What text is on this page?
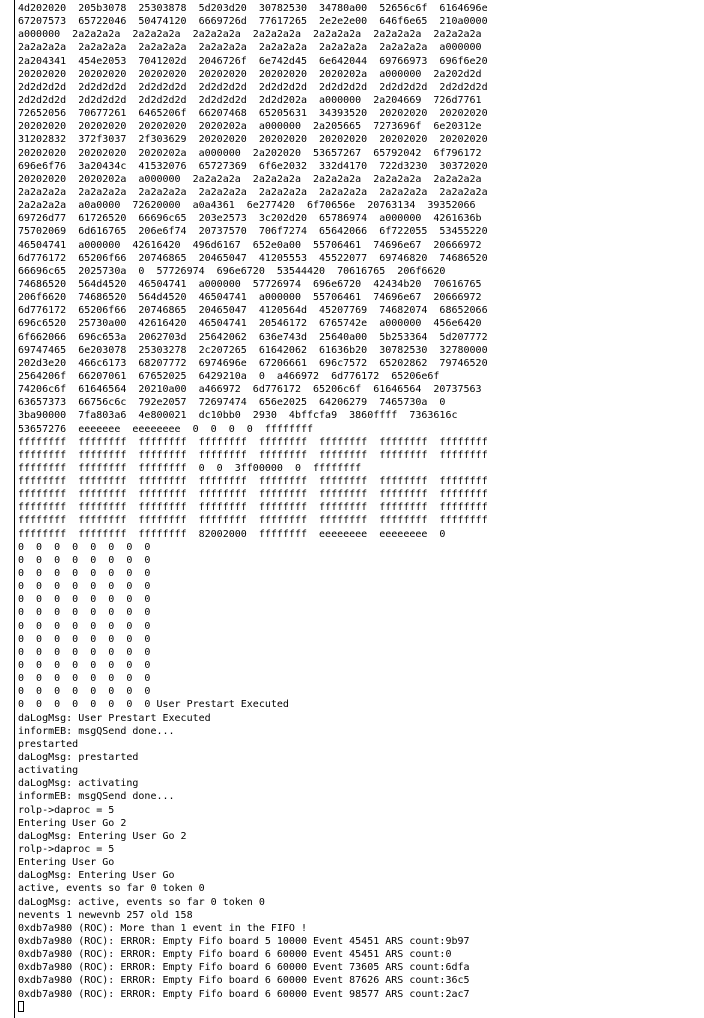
4d202020  205b3078  25303878  5d203d20  30782530  34780a00  52656c6f  6164696e
67207573  65722046  50474120  6669726d  77617265  2e2e2e00  646f6e65  210a0000
a000000  2a2a2a2a  2a2a2a2a  2a2a2a2a  2a2a2a2a  2a2a2a2a  2a2a2a2a  2a2a2a2a
2a2a2a2a  2a2a2a2a  2a2a2a2a  2a2a2a2a  2a2a2a2a  2a2a2a2a  2a2a2a2a  a000000
2a204341  454e2053  7041202d  2046726f  6e742d45  6e642044  69766973  696f6e20
20202020  20202020  20202020  20202020  20202020  2020202a  a000000  2a202d2d
2d2d2d2d  2d2d2d2d  2d2d2d2d  2d2d2d2d  2d2d2d2d  2d2d2d2d  2d2d2d2d  2d2d2d2d
2d2d2d2d  2d2d2d2d  2d2d2d2d  2d2d2d2d  2d2d202a  a000000  2a204669  726d7761
72652056  70677261  6465206f  66207468  65205631  34393520  20202020  20202020
20202020  20202020  20202020  2020202a  a000000  2a205665  7273696f  6e20312e
31202832  372f3037  2f303629  20202020  20202020  20202020  20202020  20202020
20202020  20202020  2020202a  a000000  2a202020  53657267  65792042  6f796172
696e6f76  3a20434c  41532076  65727369  6f6e2032  332d4170  722d3230  30372020
20202020  2020202a  a000000  2a2a2a2a  2a2a2a2a  2a2a2a2a  2a2a2a2a  2a2a2a2a
2a2a2a2a  2a2a2a2a  2a2a2a2a  2a2a2a2a  2a2a2a2a  2a2a2a2a  2a2a2a2a  2a2a2a2a
2a2a2a2a  a0a0000  72620000  a0a4361  6e277420  6f70656e  20763134  39352066
69726d77  61726520  66696c65  203e2573  3c202d20  65786974  a000000  4261636b
75702069  6d616765  206e6f74  20737570  706f7274  65642066  6f722055  53455220
46504741  a000000  42616420  496d6167  652e0a00  55706461  74696e67  20666972
6d776172  65206f66  20746865  20465047  41205553  45522077  69746820  74686520
66696c65  2025730a  0  57726974  696e6720  53544420  70616765  206f6620
74686520  564d4520  46504741  a000000  57726974  696e6720  42434b20  70616765
206f6620  74686520  564d4520  46504741  a000000  55706461  74696e67  20666972
6d776172  65206f66  20746865  20465047  4120564d  45207769  74682074  68652066
696c6520  25730a00  42616420  46504741  20546172  6765742e  a000000  456e6420
6f662066  696c653a  2062703d  25642062  636e743d  25640a00  5b253364  5d207772
69747465  6e203078  25303278  2c207265  61642062  61636b20  30782530  32780000
202d3e20  466c6173  68207772  6974696e  67206661  696c7572  65202862  79746520
2564206f  66207061  67652025  6429210a  0  a466972  6d776172  65206e6f
74206c6f  61646564  20210a00  a466972  6d776172  65206c6f  61646564  20737563
63657373  66756c6c  792e2057  72697474  656e2025  64206279  7465730a  0
3ba90000  7fa803a6  4e800021  dc10bb0  2930  4bffcfa9  3860ffff  7363616c
53657276  eeeeeee  eeeeeeee  0  0  0  0  ffffffff
ffffffff  ffffffff  ffffffff  ffffffff  ffffffff  ffffffff  ffffffff  ffffffff
ffffffff  ffffffff  ffffffff  ffffffff  ffffffff  ffffffff  ffffffff  ffffffff
ffffffff  ffffffff  ffffffff  0  0  3ff00000  0  ffffffff
ffffffff  ffffffff  ffffffff  ffffffff  ffffffff  ffffffff  ffffffff  ffffffff
ffffffff  ffffffff  ffffffff  ffffffff  ffffffff  ffffffff  ffffffff  ffffffff
ffffffff  ffffffff  ffffffff  ffffffff  ffffffff  ffffffff  ffffffff  ffffffff
ffffffff  ffffffff  ffffffff  ffffffff  ffffffff  ffffffff  ffffffff  ffffffff
ffffffff  ffffffff  ffffffff  82002000  ffffffff  eeeeeeee  eeeeeeee  0
0  0  0  0  0  0  0  0
0  0  0  0  0  0  0  0
0  0  0  0  0  0  0  0
0  0  0  0  0  0  0  0
0  0  0  0  0  0  0  0
0  0  0  0  0  0  0  0
0  0  0  0  0  0  0  0
0  0  0  0  0  0  0  0
0  0  0  0  0  0  0  0
0  0  0  0  0  0  0  0
0  0  0  0  0  0  0  0
0  0  0  0  0  0  0  0
0  0  0  0  0  0  0  0 User Prestart Executed
daLogMsg: User Prestart Executed
informEB: msgQSend done...
prestarted
daLogMsg: prestarted
activating
daLogMsg: activating
informEB: msgQSend done...
rolp->daproc = 5
Entering User Go 2
daLogMsg: Entering User Go 2
rolp->daproc = 5
Entering User Go
daLogMsg: Entering User Go
active, events so far 0 token 0
daLogMsg: active, events so far 0 token 0
nevents 1 newevnb 257 old 158
0xdb7a980 (ROC): More than 1 event in the FIFO !
0xdb7a980 (ROC): ERROR: Empty Fifo board 5 10000 Event 45451 ARS count:9b97
0xdb7a980 (ROC): ERROR: Empty Fifo board 6 60000 Event 45451 ARS count:0
0xdb7a980 (ROC): ERROR: Empty Fifo board 6 60000 Event 73605 ARS count:6dfa
0xdb7a980 (ROC): ERROR: Empty Fifo board 6 60000 Event 87626 ARS count:36c5
0xdb7a980 (ROC): ERROR: Empty Fifo board 6 60000 Event 98577 ARS count:2ac7
